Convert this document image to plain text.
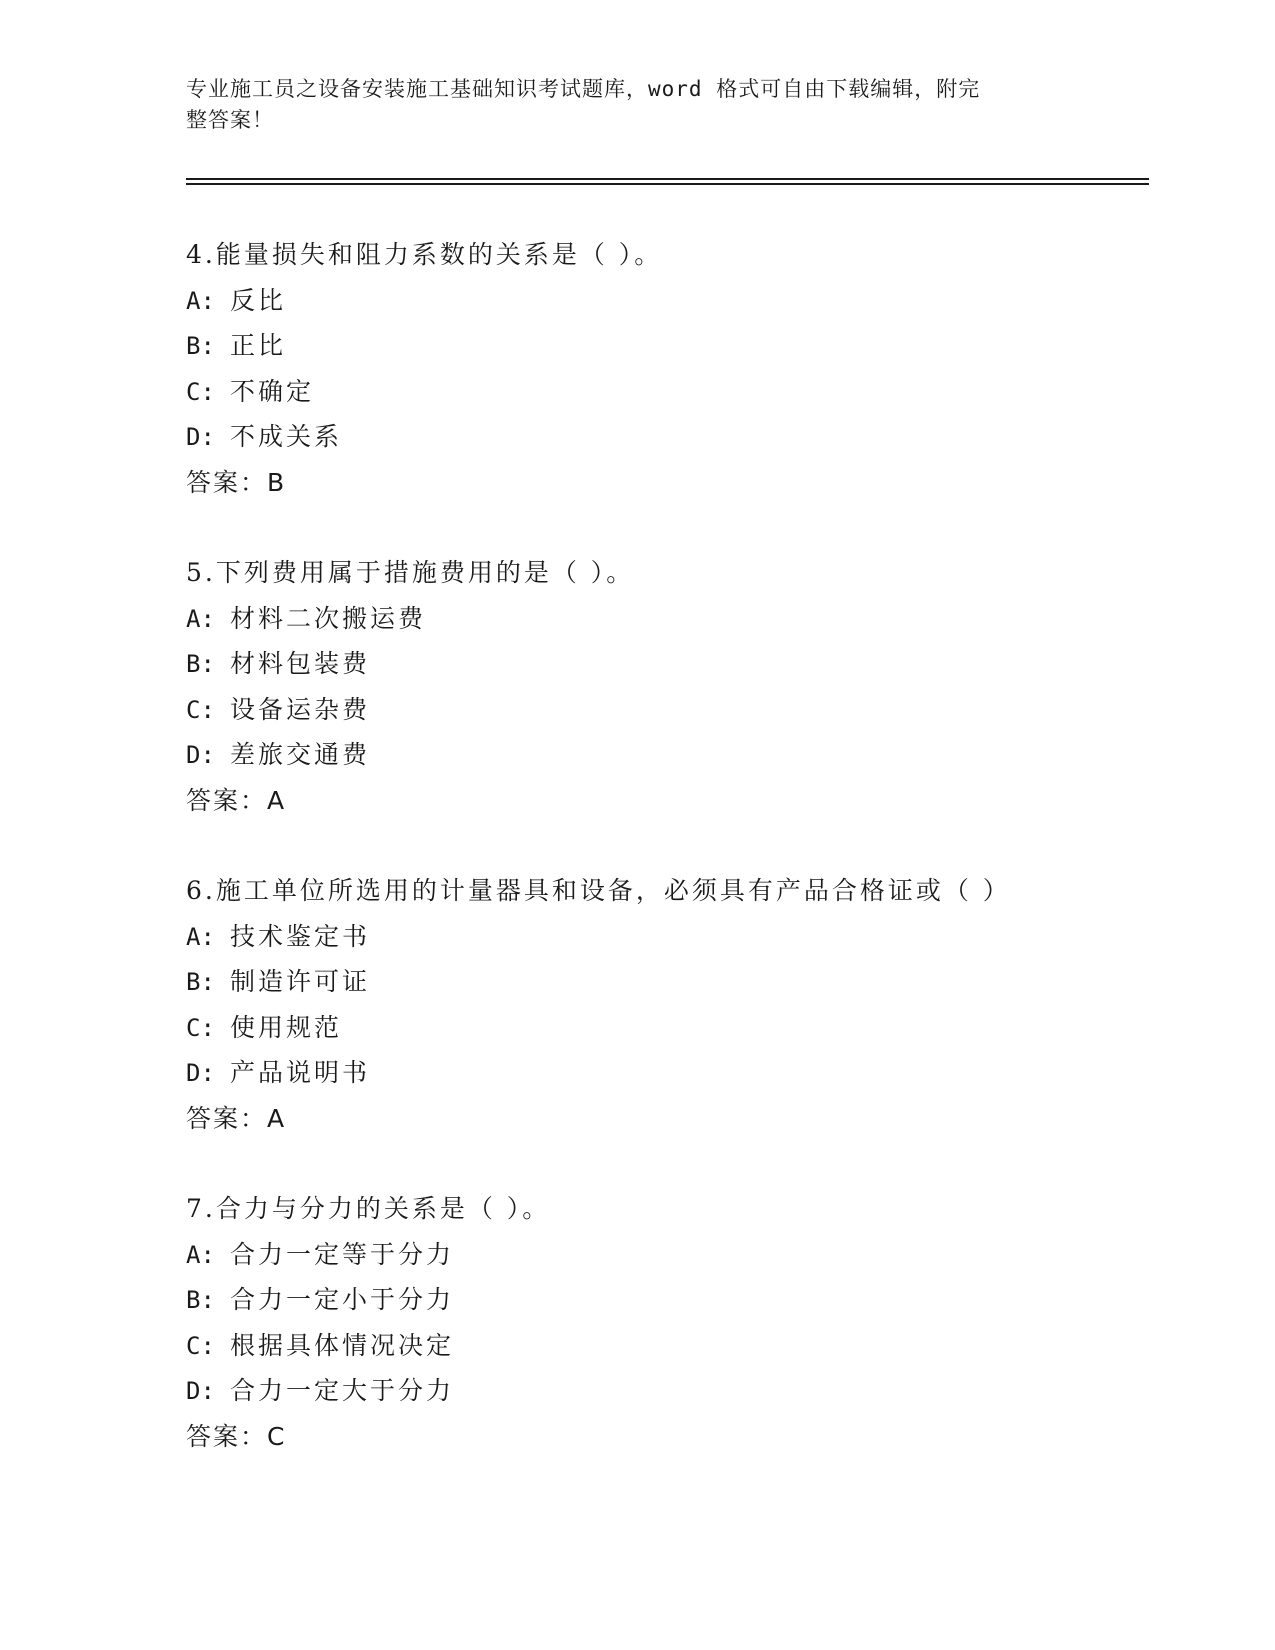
专业施工员之设备安装施工基础知识考试题库，word 格式可自由下载编辑，附完
整答案！
4.能量损失和阻力系数的关系是（ ）。
A: 反比
B: 正比
C: 不确定
D: 不成关系
答案：B
5.下列费用属于措施费用的是（ ）。
A: 材料二次搬运费
B: 材料包装费
C: 设备运杂费
D: 差旅交通费
答案：A
6.施工单位所选用的计量器具和设备，必须具有产品合格证或（ ）
A: 技术鉴定书
B: 制造许可证
C: 使用规范
D: 产品说明书
答案：A
7.合力与分力的关系是（ ）。
A: 合力一定等于分力
B: 合力一定小于分力
C: 根据具体情况决定
D: 合力一定大于分力
答案：C
